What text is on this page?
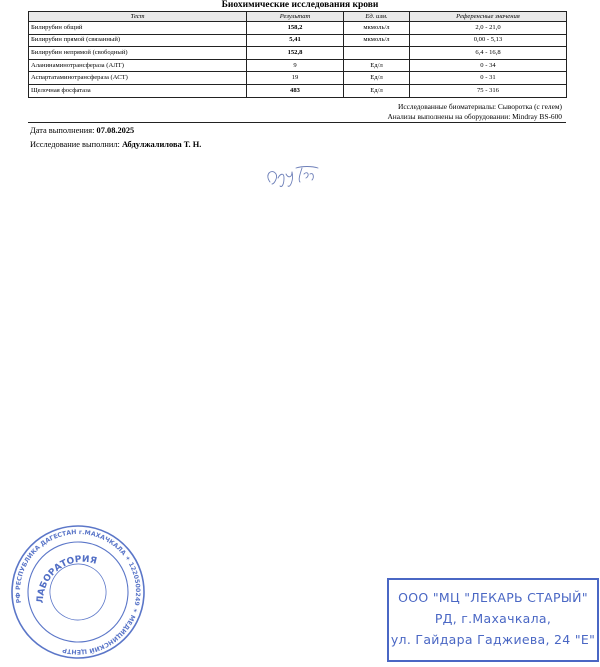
Биохимические исследования крови
Тест	Результат	Ед. изм.	Референсные значения
Билирубин общий	158,2	мкмоль/л	2,0 - 21,0
Билирубин прямой (связанный)	5,41	мкмоль/л	0,00 - 5,13
Билирубин непрямой (свободный)	152,8		6,4 - 16,8
Аланинаминотрансфераза (АЛТ)	9	Ед/л	0 - 34
Аспартатаминотрансфераза (АСТ)	19	Ед/л	0 - 31
Щелочная фосфатаза	483	Ед/л	75 - 316
Исследованные биоматериалы: Сыворотка (с гелем)
Анализы выполнены на оборудовании: Mindray BS-600
Дата выполнения: 07.08.2025
Исследование выполнил: Абдулжалилова Т. Н.
РФ РЕСПУБЛИКА ДАГЕСТАН г.МАХАЧКАЛА ✶ 1220500249 ✶ МЕДИЦИНСКИЙ ЦЕНТР
ЛАБОРАТОРИЯ
ООО "МЦ "ЛЕКАРЬ СТАРЫЙ"
РД, г.Махачкала,
ул. Гайдара Гаджиева, 24 "Е"
